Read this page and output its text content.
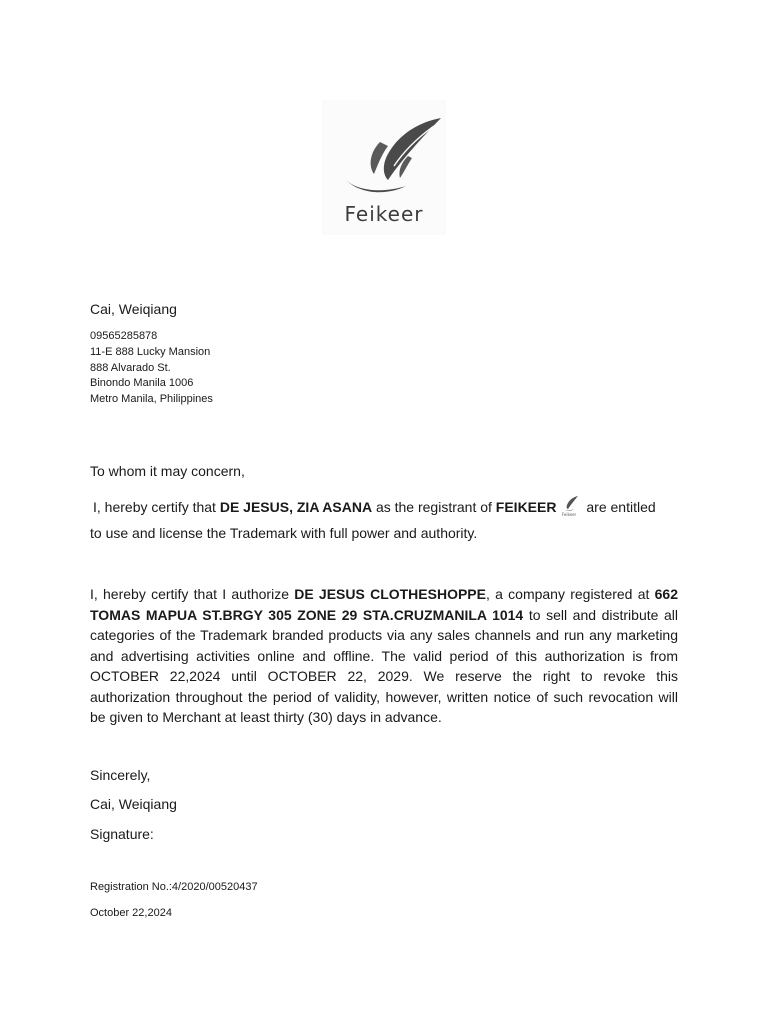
Feikeer
Cai, Weiqiang
09565285878
11-E 888 Lucky Mansion
888 Alvarado St.
Binondo Manila 1006
Metro Manila, Philippines
To whom it may concern,
I, hereby certify that DE JESUS, ZIA ASANA as the registrant of FEIKEER Feikeer are entitled
to use and license the Trademark with full power and authority.
I, hereby certify that I authorize DE JESUS CLOTHESHOPPE, a company registered at 662 TOMAS MAPUA ST.BRGY 305 ZONE 29 STA.CRUZMANILA 1014 to sell and distribute all categories of the Trademark branded products via any sales channels and run any marketing and advertising activities online and offline. The valid period of this authorization is from OCTOBER 22,2024 until OCTOBER 22, 2029. We reserve the right to revoke this authorization throughout the period of validity, however, written notice of such revocation will be given to Merchant at least thirty (30) days in advance.
Sincerely,
Cai, Weiqiang
Signature:
Registration No.:4/2020/00520437
October 22,2024
